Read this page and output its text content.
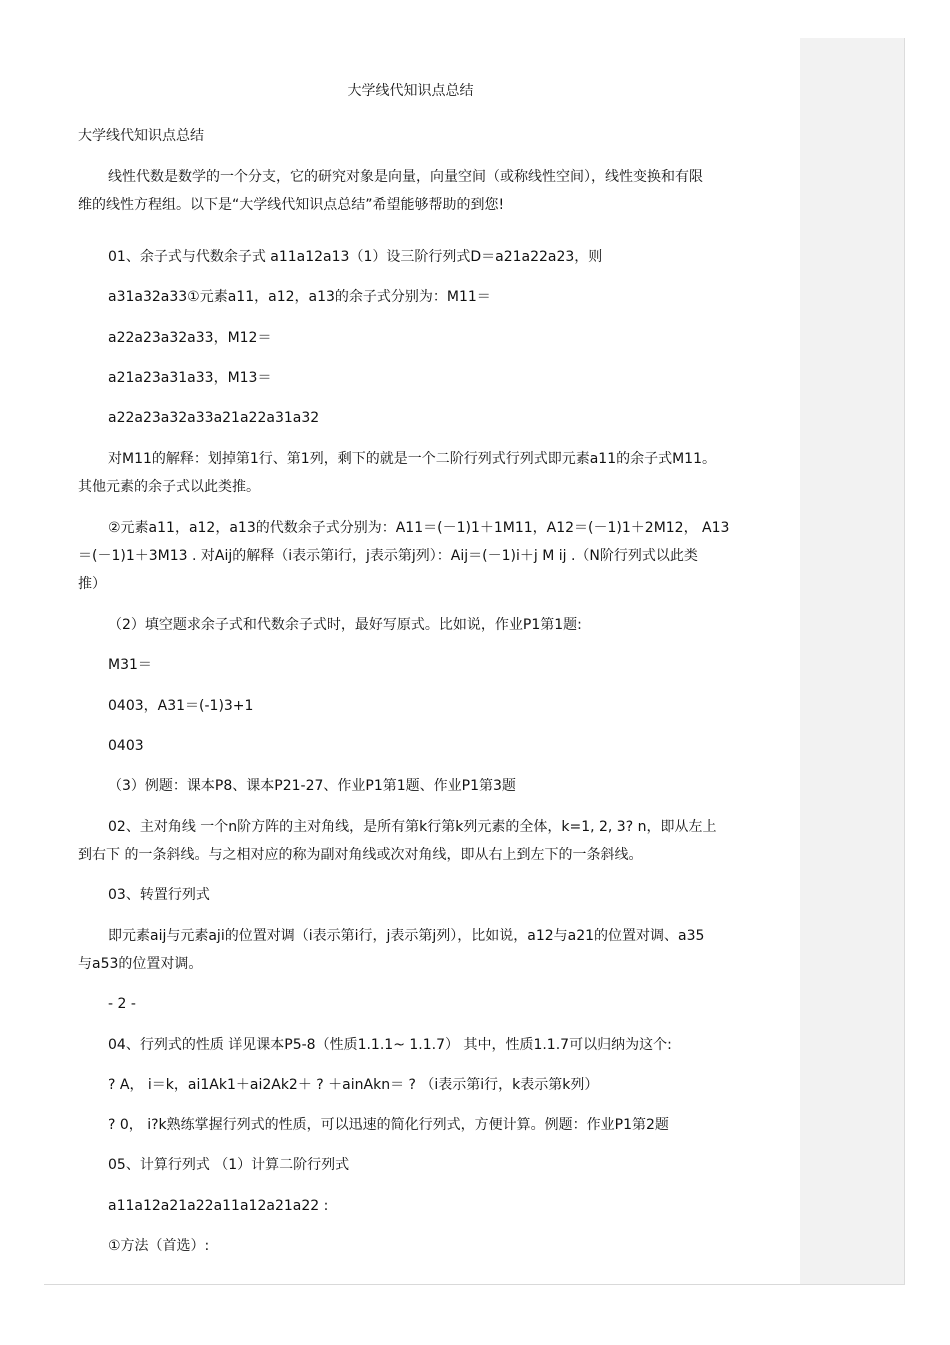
大学线代知识点总结

大学线代知识点总结

线性代数是数学的一个分支，它的研究对象是向量，向量空间（或称线性空间），线性变换和有限

维的线性方程组。以下是“大学线代知识点总结”希望能够帮助的到您!

01、余子式与代数余子式 a11a12a13（1）设三阶行列式D＝a21a22a23，则

a31a32a33①元素a11，a12，a13的余子式分别为：M11＝

a22a23a32a33，M12＝

a21a23a31a33，M13＝

a22a23a32a33a21a22a31a32

对M11的解释：划掉第1行、第1列，剩下的就是一个二阶行列式行列式即元素a11的余子式M11。

其他元素的余子式以此类推。

②元素a11，a12，a13的代数余子式分别为：A11＝(－1)1＋1M11，A12＝(－1)1＋2M12， A13

＝(－1)1＋3M13 . 对Aij的解释（i表示第i行，j表示第j列）：Aij＝(－1)i＋j M ij .（N阶行列式以此类

推）

（2）填空题求余子式和代数余子式时，最好写原式。比如说，作业P1第1题:

M31＝

0403，A31＝(-1)3+1

0403

（3）例题：课本P8、课本P21-27、作业P1第1题、作业P1第3题

02、主对角线 一个n阶方阵的主对角线，是所有第k行第k列元素的全体，k=1, 2, 3? n，即从左上

到右下 的一条斜线。与之相对应的称为副对角线或次对角线，即从右上到左下的一条斜线。

03、转置行列式

即元素aij与元素aji的位置对调（i表示第i行，j表示第j列），比如说，a12与a21的位置对调、a35

与a53的位置对调。

- 2 -

04、行列式的性质 详见课本P5-8（性质1.1.1~ 1.1.7） 其中，性质1.1.7可以归纳为这个:

? A， i＝k，ai1Ak1＋ai2Ak2＋ ? ＋ainAkn＝ ? （i表示第i行，k表示第k列）

? 0， i?k熟练掌握行列式的性质，可以迅速的简化行列式，方便计算。例题：作业P1第2题

05、计算行列式 （1）计算二阶行列式

a11a12a21a22a11a12a21a22 :

①方法（首选）:
